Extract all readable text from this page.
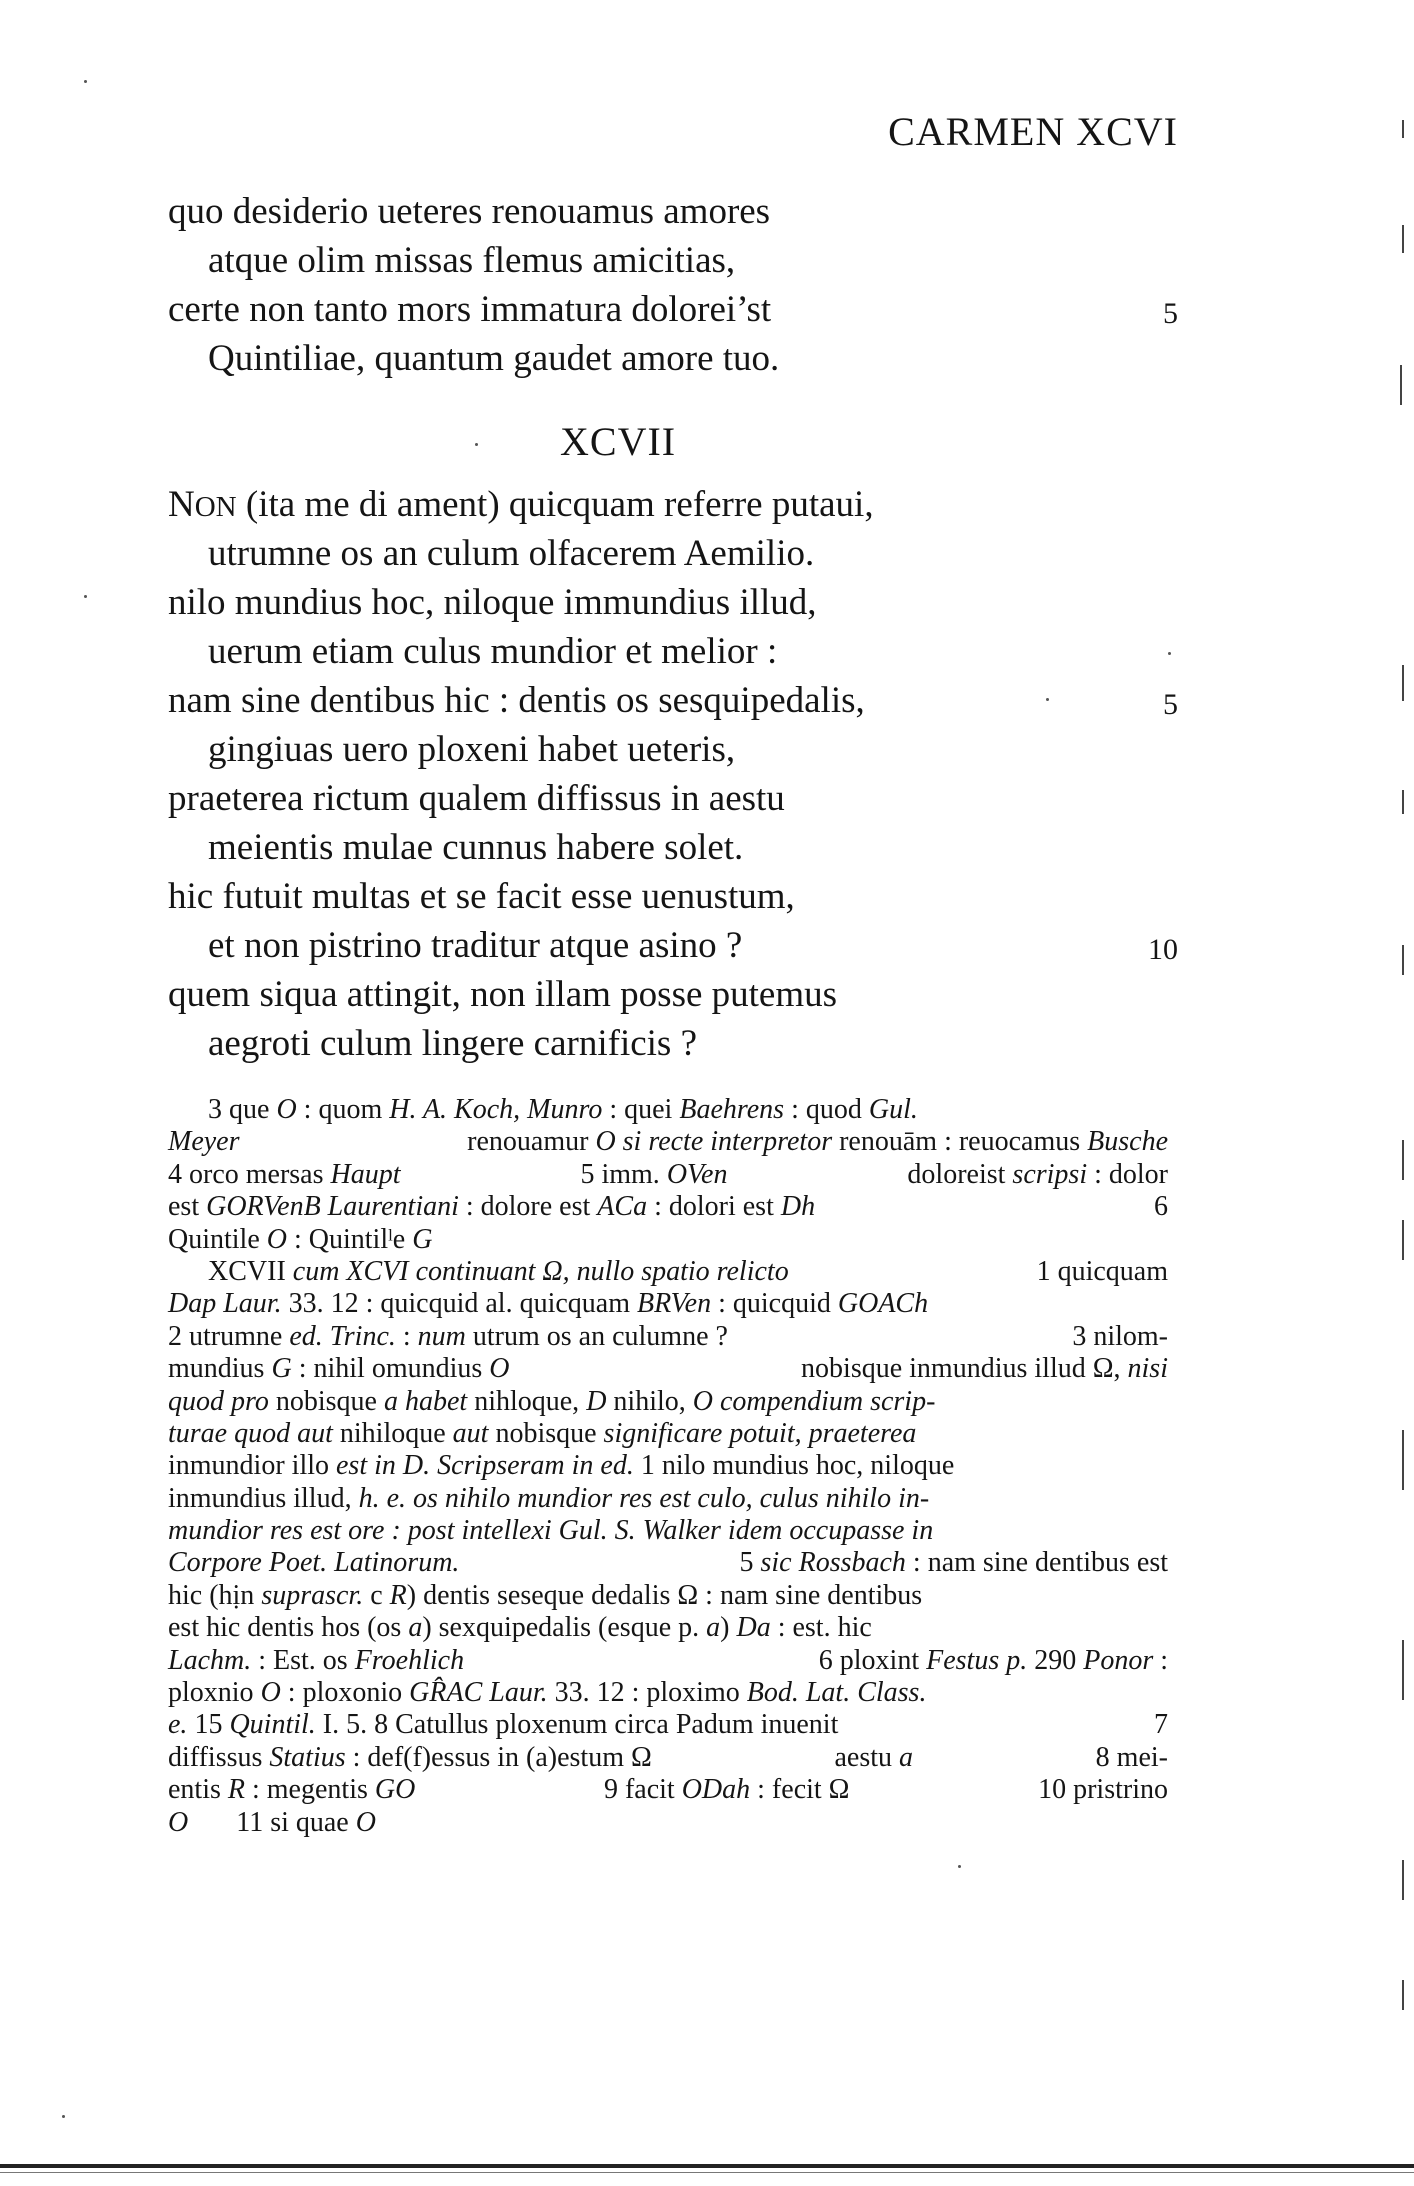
CARMEN XCVI
quo desiderio ueteres renouamus amores
atque olim missas flemus amicitias,
certe non tanto mors immatura dolorei’st	5
Quintiliae, quantum gaudet amore tuo.
XCVII
NON (ita me di ament) quicquam referre putaui,
utrumne os an culum olfacerem Aemilio.
nilo mundius hoc, niloque immundius illud,
uerum etiam culus mundior et melior :
nam sine dentibus hic : dentis os sesquipedalis,	5
gingiuas uero ploxeni habet ueteris,
praeterea rictum qualem diffissus in aestu
meientis mulae cunnus habere solet.
hic futuit multas et se facit esse uenustum,
et non pistrino traditur atque asino ?	10
quem siqua attingit, non illam posse putemus
aegroti culum lingere carnificis ?
3 que O : quom H. A. Koch, Munro : quei Baehrens : quod Gul.
Meyer	renouamur O si recte interpretor renouām : reuocamus Busche
4 orco mersas Haupt	5 imm. OVen	doloreist scripsi : dolor
est GORVenB Laurentiani : dolore est ACa : dolori est Dh	6
Quintile O : Quintilˡe G
XCVII cum XCVI continuant Ω, nullo spatio relicto	1 quicquam
Dap Laur. 33. 12 : quicquid al. quicquam BRVen : quicquid GOACh
2 utrumne ed. Trinc. : num utrum os an culumne ?	3 nilom-
mundius G : nihil omundius O	nobisque inmundius illud Ω, nisi
quod pro nobisque a habet nihloque, D nihilo, O compendium scrip-
turae quod aut nihiloque aut nobisque significare potuit, praeterea
inmundior illo est in D. Scripseram in ed. 1 nilo mundius hoc, niloque
inmundius illud, h. e. os nihilo mundior res est culo, culus nihilo in-
mundior res est ore : post intellexi Gul. S. Walker idem occupasse in
Corpore Poet. Latinorum.	5 sic Rossbach : nam sine dentibus est
hic (hịn suprascr. c R) dentis seseque dedalis Ω : nam sine dentibus
est hic dentis hos (os a) sexquipedalis (esque p. a) Da : est. hic
Lachm. : Est. os Froehlich	6 ploxint Festus p. 290 Ponor :
ploxnio O : ploxonio GR̂AC Laur. 33. 12 : ploximo Bod. Lat. Class.
e. 15 Quintil. I. 5. 8 Catullus ploxenum circa Padum inuenit	7
diffissus Statius : def(f)essus in (a)estum Ω	aestu a	8 mei-
entis R : megentis GO	9 facit ODah : fecit Ω	10 pristrino
O 11 si quae O
